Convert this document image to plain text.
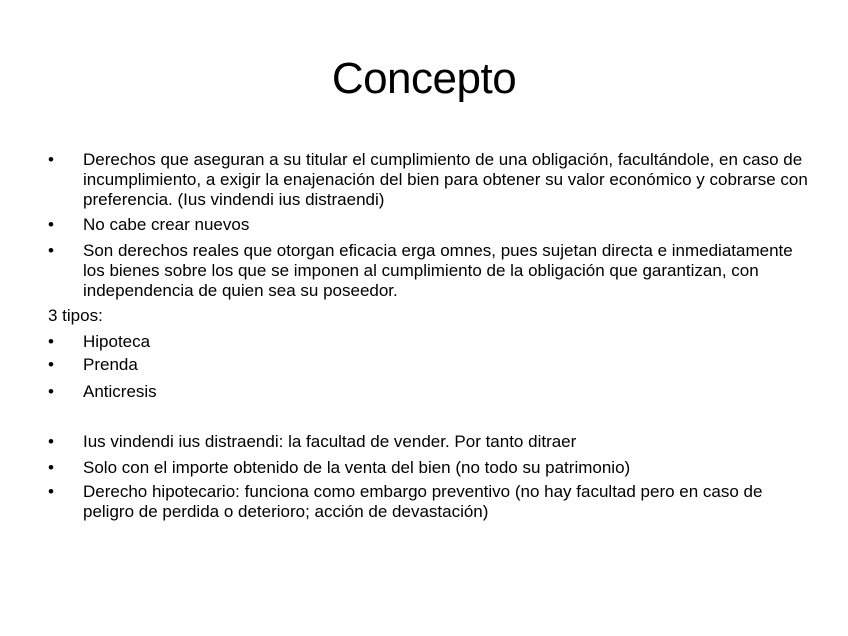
Concepto
•	Derechos que aseguran a su titular el cumplimiento de una obligación, facultándole, en caso de incumplimiento, a exigir la enajenación del bien para obtener su valor económico y cobrarse con preferencia. (Ius vindendi ius distraendi)
•	No cabe crear nuevos
•	Son derechos reales que otorgan eficacia erga omnes, pues sujetan directa e inmediatamente los bienes sobre los que se imponen al cumplimiento de la obligación que garantizan, con independencia de quien sea su poseedor.
3 tipos:
•	Hipoteca
•	Prenda
•	Anticresis
•	Ius vindendi ius distraendi: la facultad de vender. Por tanto ditraer
•	Solo con el importe obtenido de la venta del bien (no todo su patrimonio)
•	Derecho hipotecario: funciona como embargo preventivo (no hay facultad pero en caso de peligro de perdida o deterioro; acción de devastación)
